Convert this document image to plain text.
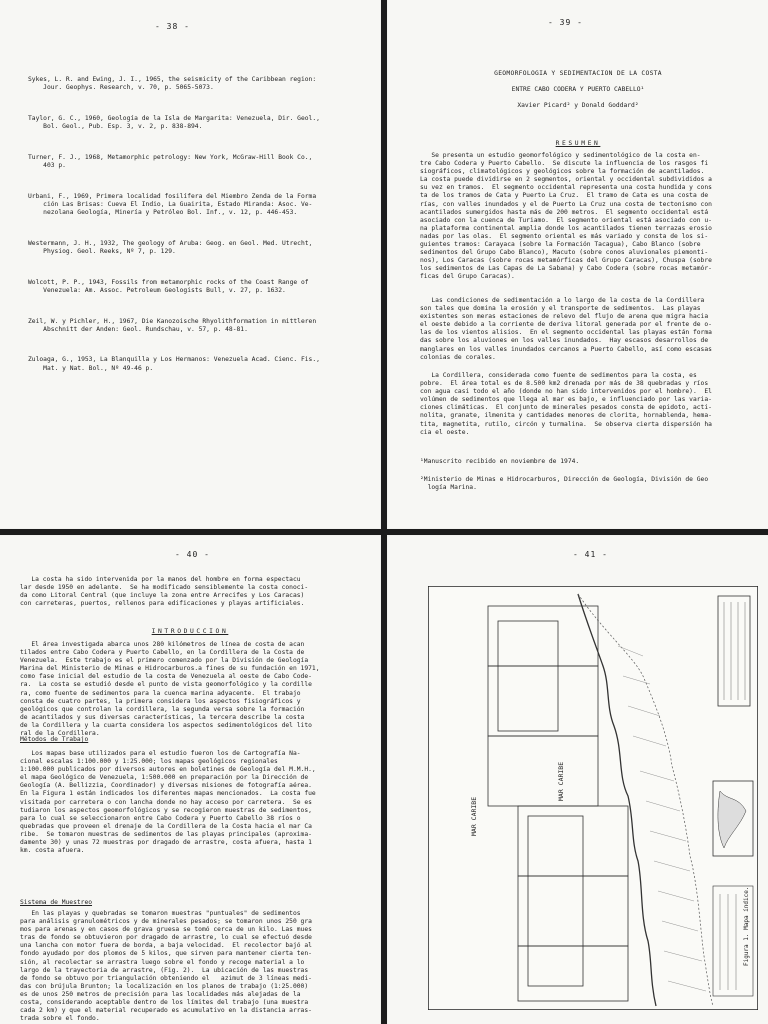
- 38 -

Sykes, L. R. and Ewing, J. I., 1965, the seismicity of the Caribbean region:
Jour. Geophys. Research, v. 70, p. 5065-5073.

Taylor, G. C., 1960, Geología de la Isla de Margarita: Venezuela, Dir. Geol.,
Bol. Geol., Pub. Esp. 3, v. 2, p. 838-894.

Turner, F. J., 1968, Metamorphic petrology: New York, McGraw-Hill Book Co.,
403 p.

Urbani, F., 1969, Primera localidad fosilífera del Miembro Zenda de la Forma
ción Las Brisas: Cueva El Indio, La Guairita, Estado Miranda: Asoc. Ve-
nezolana Geología, Minería y Petróleo Bol. Inf., v. 12, p. 446-453.

Westermann, J. H., 1932, The geology of Aruba: Geog. en Geol. Med. Utrecht,
Physiog. Geol. Reeks, Nº 7, p. 129.

Wolcott, P. P., 1943, Fossils from metamorphic rocks of the Coast Range of
Venezuela: Am. Assoc. Petroleum Geologists Bull, v. 27, p. 1632.

Zeil, W. y Pichler, H., 1967, Die Kanozoische Rhyolithformation in mittleren
Abschnitt der Anden: Geol. Rundschau, v. 57, p. 48-81.

Zuloaga, G., 1953, La Blanquilla y Los Hermanos: Venezuela Acad. Cienc. Fis.,
Mat. y Nat. Bol., Nº 49-46 p.

- 39 -
GEOMORFOLOGIA Y SEDIMENTACION DE LA COSTA
ENTRE CABO CODERA Y PUERTO CABELLO¹
Xavier Picard² y Donald Goddard²
RESUMEN
Se presenta un estudio geomorfológico y sedimentológico de la costa en-
tre Cabo Codera y Puerto Cabello.  Se discute la influencia de los rasgos fi
siográficos, climatológicos y geológicos sobre la formación de acantilados.
La costa puede dividirse en 2 segmentos, oriental y occidental subdivididos a
su vez en tramos.  El segmento occidental representa una costa hundida y cons
ta de los tramos de Cata y Puerto La Cruz.  El tramo de Cata es una costa de
rías, con valles inundados y el de Puerto La Cruz una costa de tectonismo con
acantilados sumergidos hasta más de 200 metros.  El segmento occidental está
asociado con la cuenca de Turiamo.  El segmento oriental está asociado con u-
na plataforma continental amplia donde los acantilados tienen terrazas erosio
nadas por las olas.  El segmento oriental es más variado y consta de los si-
guientes tramos: Carayaca (sobre la Formación Tacagua), Cabo Blanco (sobre
sedimentos del Grupo Cabo Blanco), Macuto (sobre conos aluvionales piemonti-
nos), Los Caracas (sobre rocas metamórficas del Grupo Caracas), Chuspa (sobre
los sedimentos de Las Capas de La Sabana) y Cabo Codera (sobre rocas metamór-
ficas del Grupo Caracas).
Las condiciones de sedimentación a lo largo de la costa de la Cordillera
son tales que domina la erosión y el transporte de sedimentos.  Las playas
existentes son meras estaciones de relevo del flujo de arena que migra hacia
el oeste debido a la corriente de deriva litoral generada por el frente de o-
las de los vientos alisios.  En el segmento occidental las playas están forma
das sobre los aluviones en los valles inundados.  Hay escasos desarrollos de
manglares en los valles inundados cercanos a Puerto Cabello, así como escasas
colonias de corales.
La Cordillera, considerada como fuente de sedimentos para la costa, es
pobre.  El área total es de 8.500 km2 drenada por más de 38 quebradas y ríos
con agua casi todo el año (donde no han sido intervenidos por el hombre).  El
volúmen de sedimentos que llega al mar es bajo, e influenciado por las varia-
ciones climáticas.  El conjunto de minerales pesados consta de epidoto, acti-
nolita, granate, ilmenita y cantidades menores de clorita, hornablenda, hema-
tita, magnetita, rutilo, circón y turmalina.  Se observa cierta dispersión ha
cia el oeste.
¹Manuscrito recibido en noviembre de 1974.
²Ministerio de Minas e Hidrocarburos, Dirección de Geología, División de Geo
logía Marina.
- 40 -
La costa ha sido intervenida por la manos del hombre en forma espectacu
lar desde 1950 en adelante.  Se ha modificado sensiblemente la costa conoci-
da como Litoral Central (que incluye la zona entre Arrecifes y Los Caracas)
con carreteras, puertos, rellenos para edificaciones y playas artificiales.
INTRODUCCION
El área investigada abarca unos 280 kilómetros de línea de costa de acan
tilados entre Cabo Codera y Puerto Cabello, en la Cordillera de la Costa de
Venezuela.  Este trabajo es el primero comenzado por la División de Geología
Marina del Ministerio de Minas e Hidrocarburos.a fines de su fundación en 1971,
como fase inicial del estudio de la costa de Venezuela al oeste de Cabo Code-
ra.  La costa se estudió desde el punto de vista geomorfológico y la cordille
ra, como fuente de sedimentos para la cuenca marina adyacente.  El trabajo
consta de cuatro partes, la primera considera los aspectos fisiográficos y
geológicos que controlan la cordillera, la segunda versa sobre la formación
de acantilados y sus diversas características, la tercera describe la costa
de la Cordillera y la cuarta considera los aspectos sedimentológicos del lito
ral de la Cordillera.
Métodos de Trabajo
Los mapas base utilizados para el estudio fueron los de Cartografía Na-
cional escalas 1:100.000 y 1:25.000; los mapas geológicos regionales
1:100.000 publicados por diversos autores en boletines de Geología del M.M.H.,
el mapa Geológico de Venezuela, 1:500.000 en preparación por la Dirección de
Geología (A. Bellizzia, Coordinador) y diversas misiones de fotografía aérea.
En la Figura 1 están indicados los diferentes mapas mencionados.  La costa fue
visitada por carretera o con lancha donde no hay acceso por carretera.  Se es
tudiaron los aspectos geomorfológicos y se recogieron muestras de sedimentos,
para lo cual se seleccionaron entre Cabo Codera y Puerto Cabello 38 ríos o
quebradas que proveen el drenaje de la Cordillera de la Costa hacia el mar Ca
ribe.  Se tomaron muestras de sedimentos de las playas principales (aproxima-
damente 30) y unas 72 muestras por dragado de arrastre, costa afuera, hasta 1
km. costa afuera.
Sistema de Muestreo
En las playas y quebradas se tomaron muestras "puntuales" de sedimentos
para análisis granulométricos y de minerales pesados; se tomaron unos 250 gra
mos para arenas y en casos de grava gruesa se tomó cerca de un kilo. Las mues
tras de fondo se obtuvieron por dragado de arrastre, lo cual se efectuó desde
una lancha con motor fuera de borda, a baja velocidad.  El recolector bajó al
fondo ayudado por dos plomos de 5 kilos, que sirven para mantener cierta ten-
sión, al recolectar se arrastra luego sobre el fondo y recoge material a lo
largo de la trayectoria de arrastre, (Fig. 2).  La ubicación de las muestras
de fondo se obtuvo por triangulación obteniendo el   azimut de 3 líneas medi-
das con brújula Brunton; la localización en los planos de trabajo (1:25.000)
es de unos 250 metros de precisión para las localidades más alejadas de la
costa, considerando aceptable dentro de los límites del trabajo (una muestra
cada 2 km) y que el material recuperado es acumulativo en la distancia arras-
trada sobre el fondo.
- 41 -
MAR CARIBE
MAR CARIBE
Figura 1. Mapa índice.
